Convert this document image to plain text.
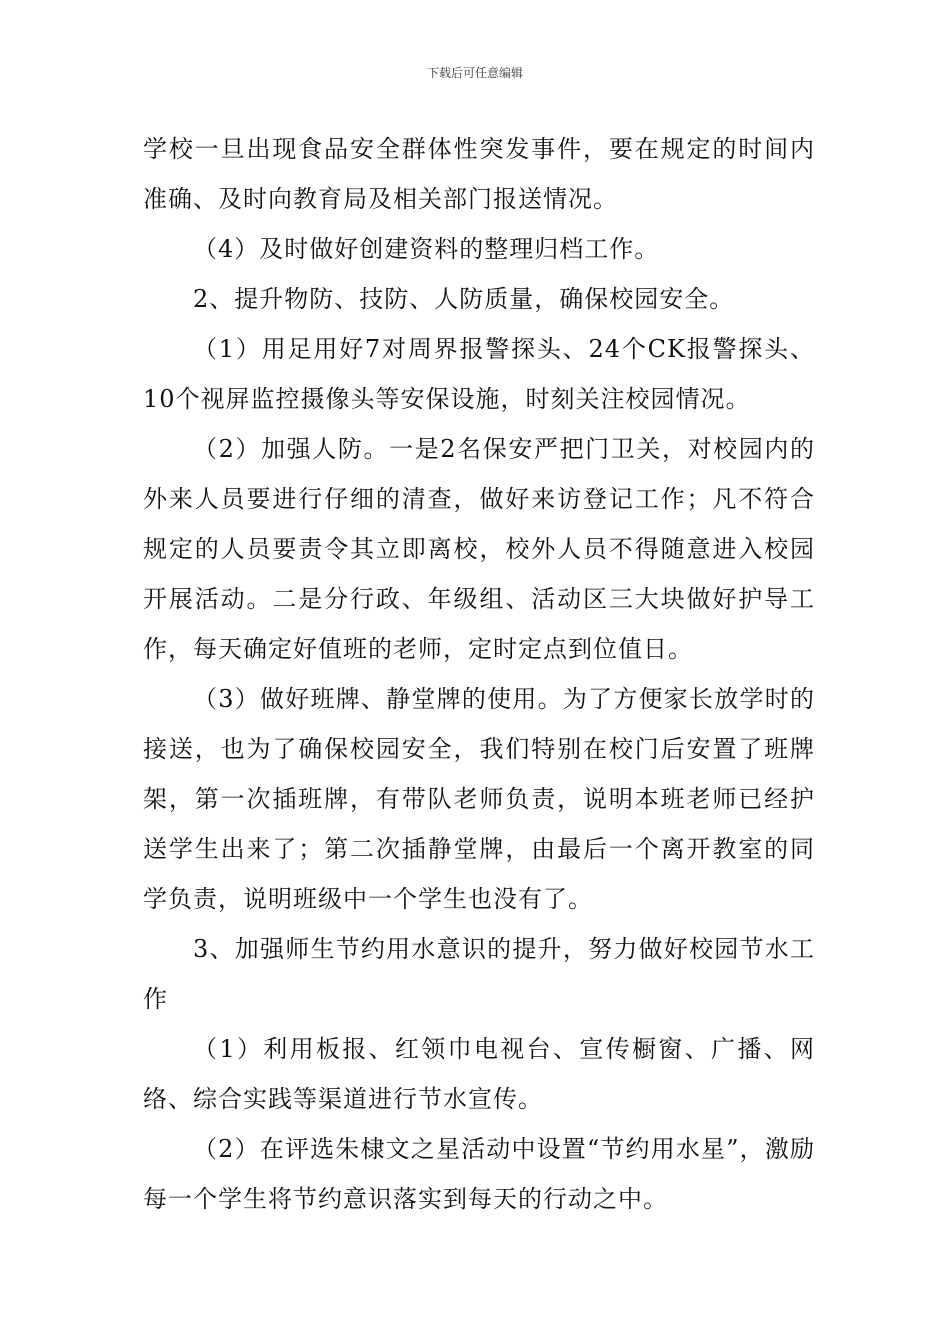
下载后可任意编辑

学校一旦出现食品安全群体性突发事件，要在规定的时间内准确、及时向教育局及相关部门报送情况。

（4）及时做好创建资料的整理归档工作。

2、提升物防、技防、人防质量，确保校园安全。

（1）用足用好7对周界报警探头、24个CK报警探头、10个视屏监控摄像头等安保设施，时刻关注校园情况。

（2）加强人防。一是2名保安严把门卫关，对校园内的外来人员要进行仔细的清查，做好来访登记工作；凡不符合规定的人员要责令其立即离校，校外人员不得随意进入校园开展活动。二是分行政、年级组、活动区三大块做好护导工作，每天确定好值班的老师，定时定点到位值日。

（3）做好班牌、静堂牌的使用。为了方便家长放学时的接送，也为了确保校园安全，我们特别在校门后安置了班牌架，第一次插班牌，有带队老师负责，说明本班老师已经护送学生出来了；第二次插静堂牌，由最后一个离开教室的同学负责，说明班级中一个学生也没有了。

3、加强师生节约用水意识的提升，努力做好校园节水工作

（1）利用板报、红领巾电视台、宣传橱窗、广播、网络、综合实践等渠道进行节水宣传。

（2）在评选朱棣文之星活动中设置“节约用水星”，激励每一个学生将节约意识落实到每天的行动之中。
